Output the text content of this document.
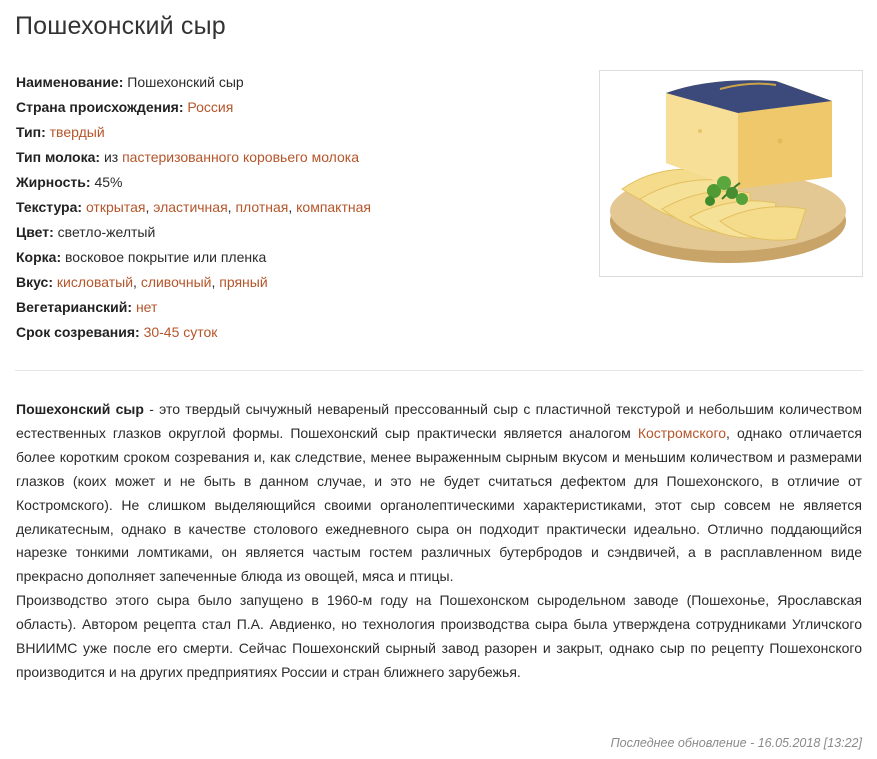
Пошехонский сыр
Наименование: Пошехонский сыр
Страна происхождения: Россия
Тип: твердый
Тип молока: из пастеризованного коровьего молока
Жирность: 45%
Текстура: открытая, эластичная, плотная, компактная
Цвет: светло-желтый
Корка: восковое покрытие или пленка
Вкус: кисловатый, сливочный, пряный
Вегетарианский: нет
Срок созревания: 30-45 суток

Пошехонский сыр - это твердый сычужный невареный прессованный сыр с пластичной текстурой и небольшим количеством естественных глазков округлой формы. Пошехонский сыр практически является аналогом Костромского, однако отличается более коротким сроком созревания и, как следствие, менее выраженным сырным вкусом и меньшим количеством и размерами глазков (коих может и не быть в данном случае, и это не будет считаться дефектом для Пошехонского, в отличие от Костромского). Не слишком выделяющийся своими органолептическими характеристиками, этот сыр совсем не является деликатесным, однако в качестве столового ежедневного сыра он подходит практически идеально. Отлично поддающийся нарезке тонкими ломтиками, он является частым гостем различных бутербродов и сэндвичей, а в расплавленном виде прекрасно дополняет запеченные блюда из овощей, мяса и птицы.

Производство этого сыра было запущено в 1960-м году на Пошехонском сыродельном заводе (Пошехонье, Ярославская область). Автором рецепта стал П.А. Авдиенко, но технология производства сыра была утверждена сотрудниками Угличского ВНИИМС уже после его смерти. Сейчас Пошехонский сырный завод разорен и закрыт, однако сыр по рецепту Пошехонского производится и на других предприятиях России и стран ближнего зарубежья.

Последнее обновление - 16.05.2018 [13:22]
